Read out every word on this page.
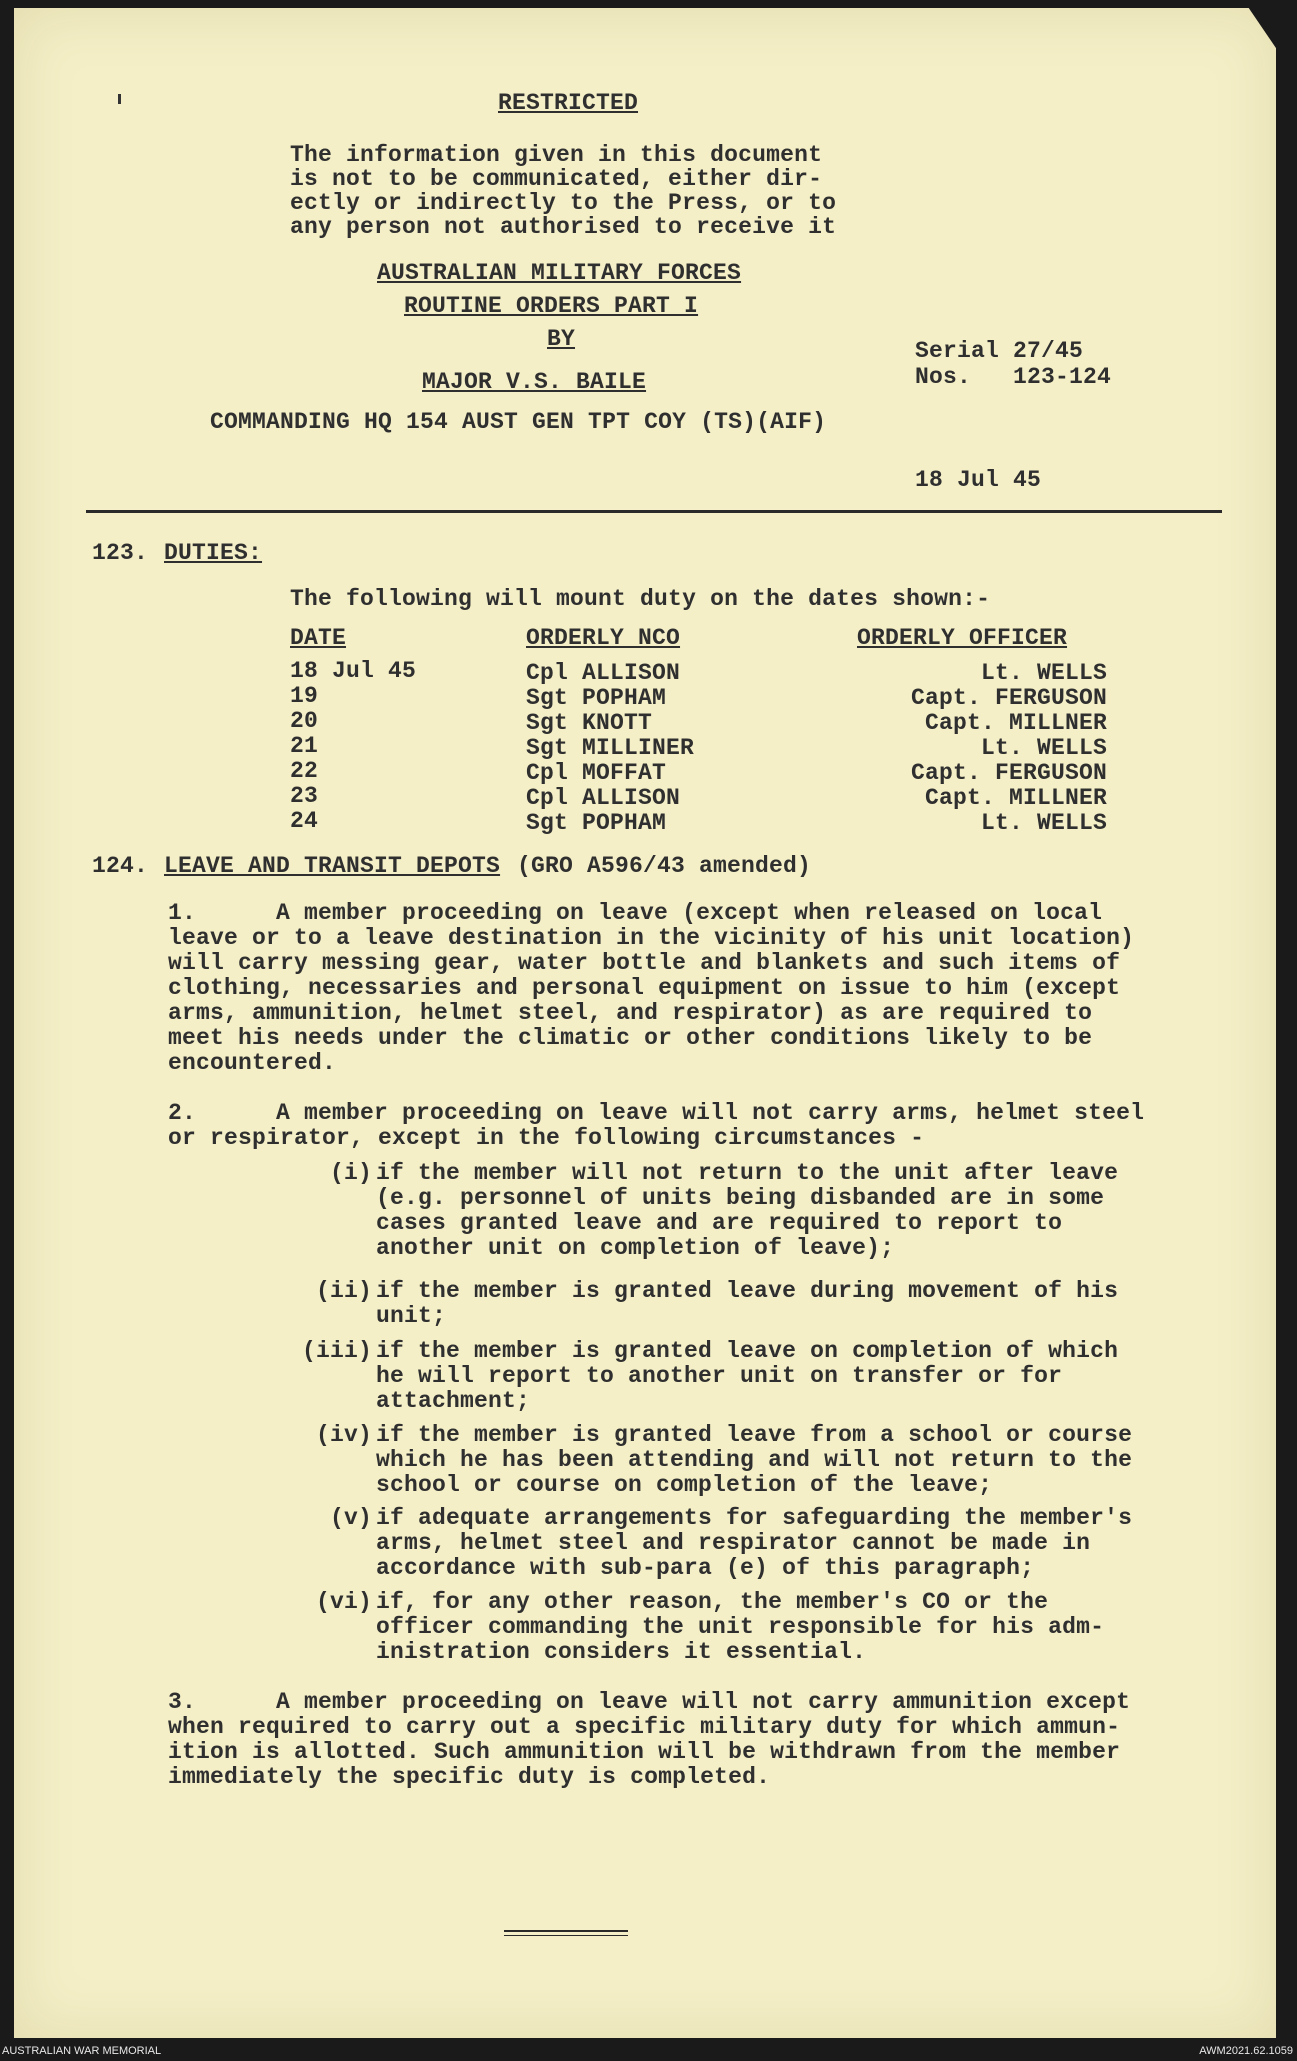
RESTRICTED
The information given in this document
is not to be communicated, either dir-
ectly or indirectly to the Press, or to
any person not authorised to receive it
AUSTRALIAN MILITARY FORCES
ROUTINE ORDERS PART I
BY
MAJOR V.S. BAILE
COMMANDING HQ 154 AUST GEN TPT COY (TS)(AIF)
Serial 27/45
Nos.   123-124
18 Jul 45
123. DUTIES:
The following will mount duty on the dates shown:-
DATE	ORDERLY NCO	ORDERLY OFFICER
18 Jul 45	Cpl ALLISON	Lt. WELLS
19	Sgt POPHAM	Capt. FERGUSON
20	Sgt KNOTT	Capt. MILLNER
21	Sgt MILLINER	Lt. WELLS
22	Cpl MOFFAT	Capt. FERGUSON
23	Cpl ALLISON	Capt. MILLNER
24	Sgt POPHAM	Lt. WELLS
124. LEAVE AND TRANSIT DEPOTS (GRO A596/43 amended)
1.	A member proceeding on leave (except when released on local
leave or to a leave destination in the vicinity of his unit location)
will carry messing gear, water bottle and blankets and such items of
clothing, necessaries and personal equipment on issue to him (except
arms, ammunition, helmet steel, and respirator) as are required to
meet his needs under the climatic or other conditions likely to be
encountered.
2.	A member proceeding on leave will not carry arms, helmet steel
or respirator, except in the following circumstances -
(i) if the member will not return to the unit after leave
(e.g. personnel of units being disbanded are in some
cases granted leave and are required to report to
another unit on completion of leave);
(ii) if the member is granted leave during movement of his
unit;
(iii) if the member is granted leave on completion of which
he will report to another unit on transfer or for
attachment;
(iv) if the member is granted leave from a school or course
which he has been attending and will not return to the
school or course on completion of the leave;
(v) if adequate arrangements for safeguarding the member's
arms, helmet steel and respirator cannot be made in
accordance with sub-para (e) of this paragraph;
(vi) if, for any other reason, the member's CO or the
officer commanding the unit responsible for his adm-
inistration considers it essential.
3.	A member proceeding on leave will not carry ammunition except
when required to carry out a specific military duty for which ammun-
ition is allotted. Such ammunition will be withdrawn from the member
immediately the specific duty is completed.
AUSTRALIAN WAR MEMORIAL	AWM2021.62.1059
